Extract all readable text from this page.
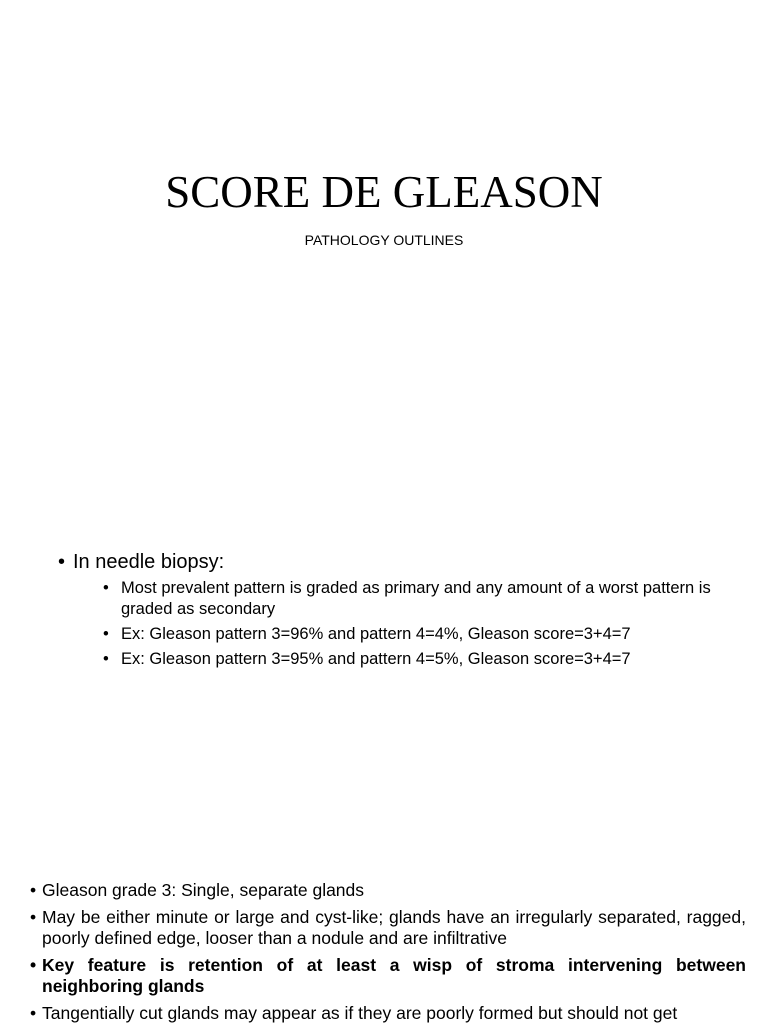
SCORE DE GLEASON
PATHOLOGY OUTLINES
• In needle biopsy:
• Most prevalent pattern is graded as primary and any amount of a worst pattern is graded as secondary
• Ex: Gleason pattern 3=96% and pattern 4=4%, Gleason score=3+4=7
• Ex: Gleason pattern 3=95% and pattern 4=5%, Gleason score=3+4=7
• Gleason grade 3: Single, separate glands
• May be either minute or large and cyst-like; glands have an irregularly separated, ragged, poorly defined edge, looser than a nodule and are infiltrative
• Key feature is retention of at least a wisp of stroma intervening between neighboring glands
• Tangentially cut glands may appear as if they are poorly formed but should not get
